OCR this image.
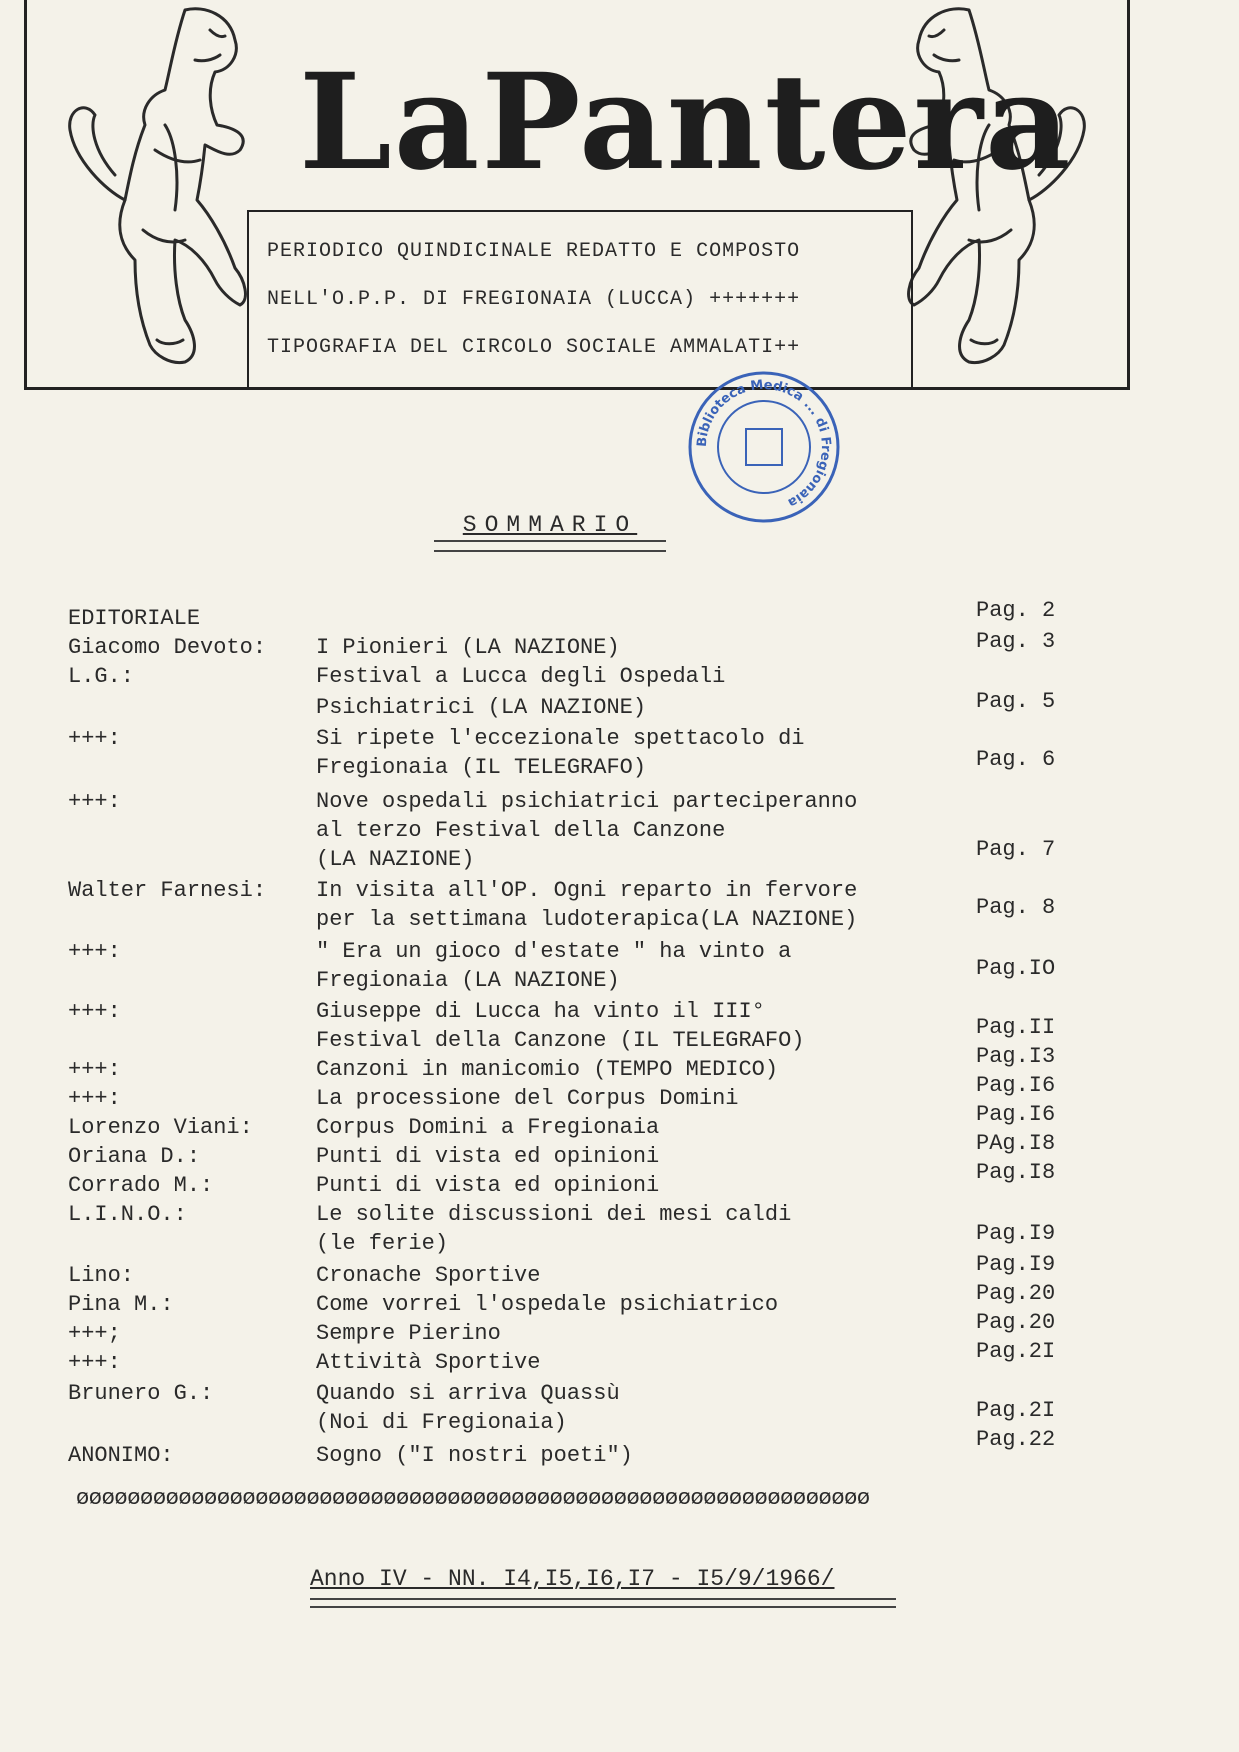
LaPantera
PERIODICO QUINDICINALE REDATTO E COMPOSTO
NELL'O.P.P. DI FREGIONAIA (LUCCA) +++++++
TIPOGRAFIA DEL CIRCOLO SOCIALE AMMALATI++
Biblioteca Medica ... di Fregionaia
SOMMARIO
EDITORIALE
Giacomo Devoto:
L.G.:
+++:
+++:
Walter Farnesi:
+++:
+++:
+++:
+++:
Lorenzo Viani:
Oriana D.:
Corrado M.:
L.I.N.O.:
Lino:
Pina M.:
+++;
+++:
Brunero G.:
ANONIMO:
I Pionieri (LA NAZIONE)
Festival a Lucca degli Ospedali
Psichiatrici (LA NAZIONE)
Si ripete l'eccezionale spettacolo di
Fregionaia (IL TELEGRAFO)
Nove ospedali psichiatrici parteciperanno
al terzo Festival della Canzone
(LA NAZIONE)
In visita all'OP. Ogni reparto in fervore
per la settimana ludoterapica(LA NAZIONE)
" Era un gioco d'estate " ha vinto a
Fregionaia (LA NAZIONE)
Giuseppe di Lucca ha vinto il III°
Festival della Canzone (IL TELEGRAFO)
Canzoni in manicomio (TEMPO MEDICO)
La processione del Corpus Domini
Corpus Domini a Fregionaia
Punti di vista ed opinioni
Punti di vista ed opinioni
Le solite discussioni dei mesi caldi
(le ferie)
Cronache Sportive
Come vorrei l'ospedale psichiatrico
Sempre Pierino
Attività Sportive
Quando si arriva Quassù
(Noi di Fregionaia)
Sogno ("I nostri poeti")
Pag. 2
Pag. 3
Pag. 5
Pag. 6
Pag. 7
Pag. 8
Pag.IO
Pag.II
Pag.I3
Pag.I6
Pag.I6
PAg.I8
Pag.I8
Pag.I9
Pag.I9
Pag.20
Pag.20
Pag.2I
Pag.2I
Pag.22
øøøøøøøøøøøøøøøøøøøøøøøøøøøøøøøøøøøøøøøøøøøøøøøøøøøøøøøøøøøøøø
Anno IV - NN. I4,I5,I6,I7 - I5/9/1966/
